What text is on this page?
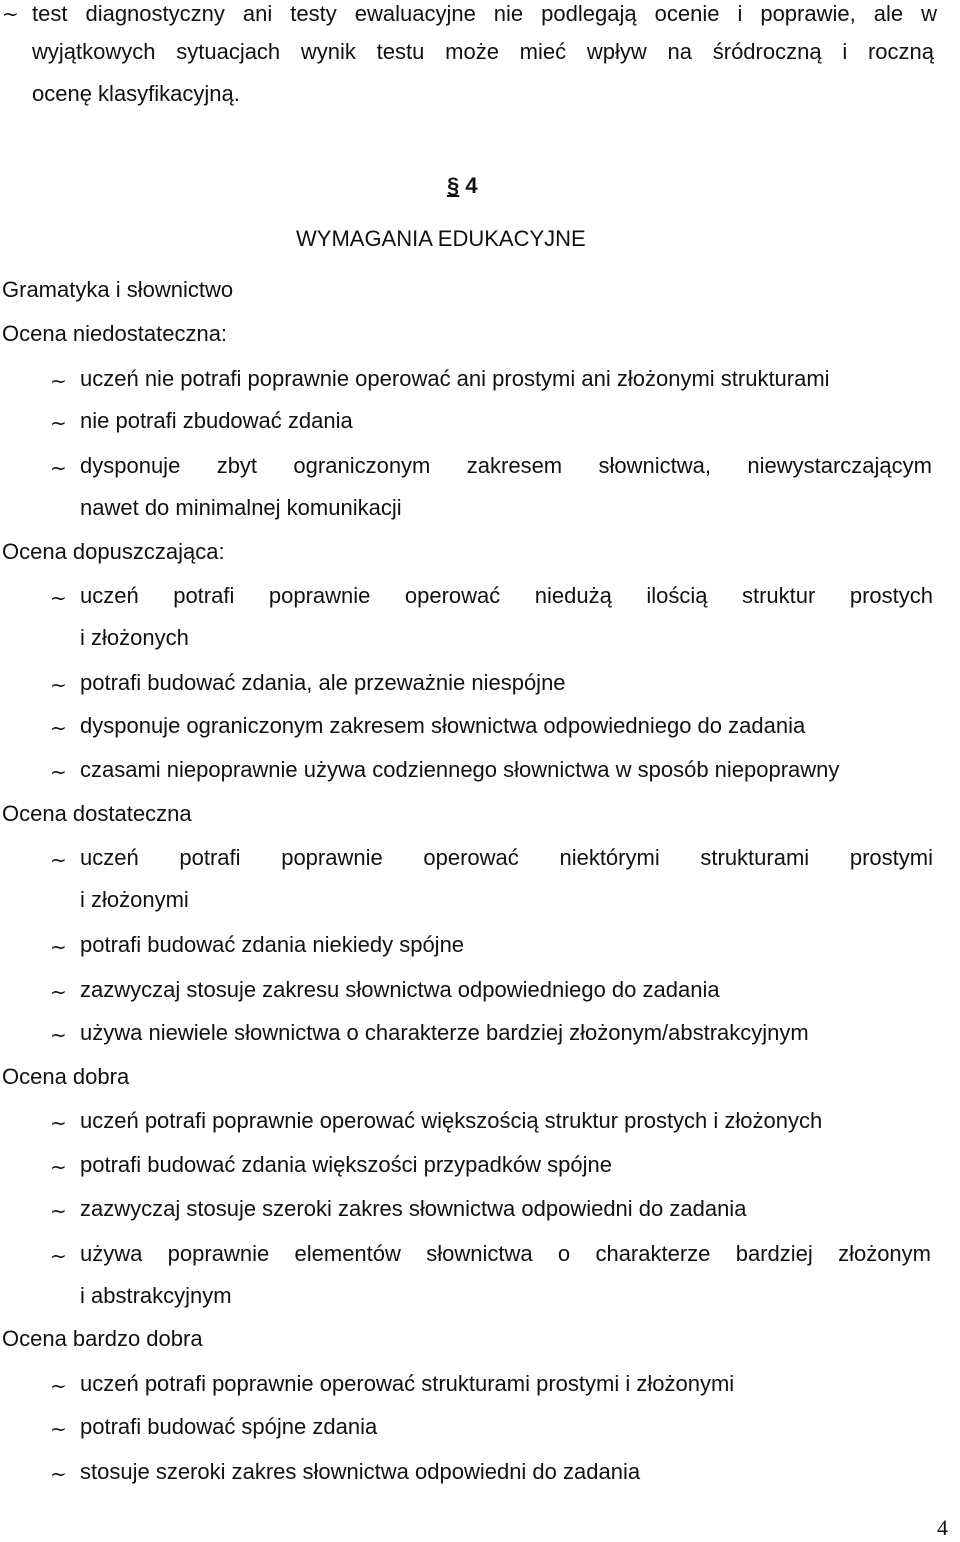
~ test diagnostyczny ani testy ewaluacyjne nie podlegają ocenie i poprawie, ale w
wyjątkowych sytuacjach wynik testu może mieć wpływ na śródroczną i roczną
ocenę klasyfikacyjną.
§ 4
WYMAGANIA EDUKACYJNE
Gramatyka i słownictwo
Ocena niedostateczna:
~ uczeń nie potrafi poprawnie operować ani prostymi ani złożonymi strukturami
~ nie potrafi zbudować zdania
~ dysponuje zbyt ograniczonym zakresem słownictwa, niewystarczającym
nawet do minimalnej komunikacji
Ocena dopuszczająca:
~ uczeń potrafi poprawnie operować niedużą ilością struktur prostych
i złożonych
~ potrafi budować zdania, ale przeważnie niespójne
~ dysponuje ograniczonym zakresem słownictwa odpowiedniego do zadania
~ czasami niepoprawnie używa codziennego słownictwa w sposób niepoprawny
Ocena dostateczna
~ uczeń potrafi poprawnie operować niektórymi strukturami prostymi
i złożonymi
~ potrafi budować zdania niekiedy spójne
~ zazwyczaj stosuje zakresu słownictwa odpowiedniego do zadania
~ używa niewiele słownictwa o charakterze bardziej złożonym/abstrakcyjnym
Ocena dobra
~ uczeń potrafi poprawnie operować większością struktur prostych i złożonych
~ potrafi budować zdania większości przypadków spójne
~ zazwyczaj stosuje szeroki zakres słownictwa odpowiedni do zadania
~ używa poprawnie elementów słownictwa o charakterze bardziej złożonym
i abstrakcyjnym
Ocena bardzo dobra
~ uczeń potrafi poprawnie operować strukturami prostymi i złożonymi
~ potrafi budować spójne zdania
~ stosuje szeroki zakres słownictwa odpowiedni do zadania
4
